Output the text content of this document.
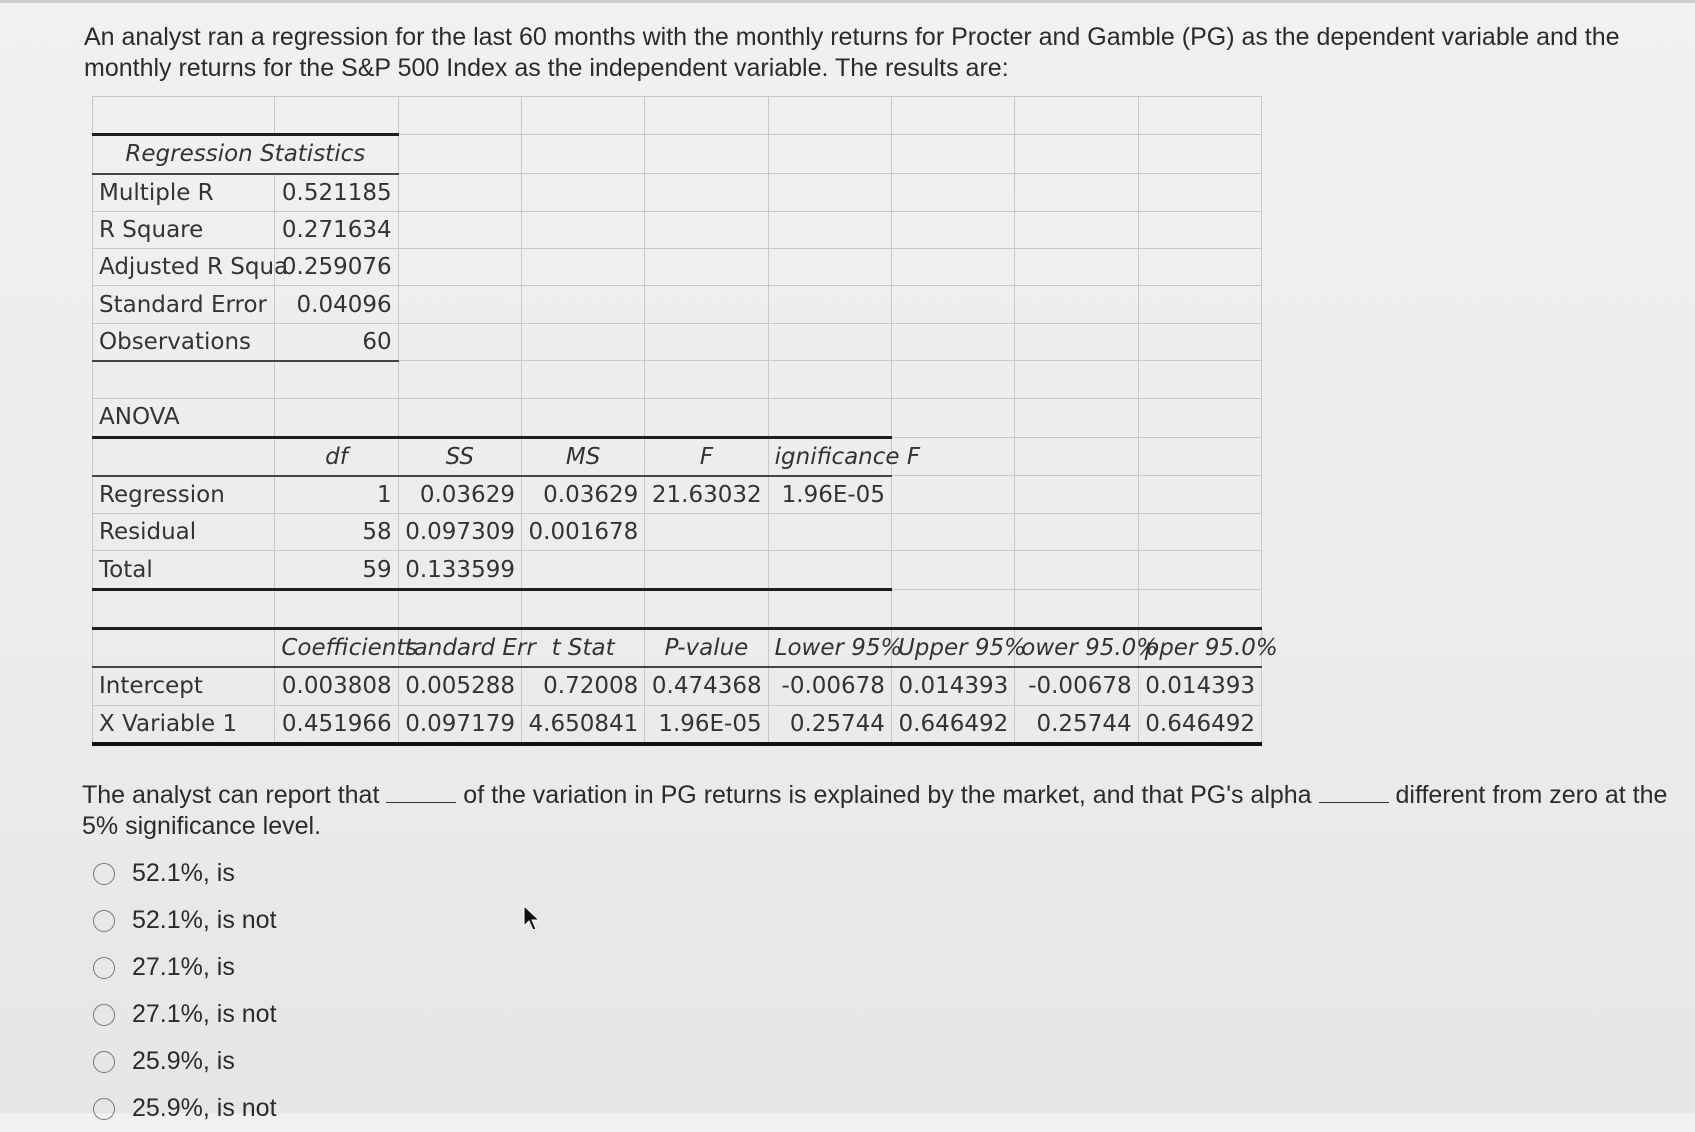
An analyst ran a regression for the last 60 months with the monthly returns for Procter and Gamble (PG) as the dependent variable and the monthly returns for the S&P 500 Index as the independent variable. The results are:

Regression Statistics								
Multiple R	0.521185							
R Square	0.271634							
Adjusted R Squa	0.259076							
Standard Error	0.04096							
Observations	60							

ANOVA								
	df	SS	MS	F	ignificance F			
Regression	1	0.03629	0.03629	21.63032	1.96E-05			
Residual	58	0.097309	0.001678					
Total	59	0.133599						

	Coefficients	tandard Err	t Stat	P-value	Lower 95%	Upper 95%	ower 95.0%	pper 95.0%
Intercept	0.003808	0.005288	0.72008	0.474368	-0.00678	0.014393	-0.00678	0.014393
X Variable 1	0.451966	0.097179	4.650841	1.96E-05	0.25744	0.646492	0.25744	0.646492
The analyst can report that	of the variation in PG returns is explained by the market, and that PG's alpha	different from zero at the 5% significance level.
52.1%, is
52.1%, is not
27.1%, is
27.1%, is not
25.9%, is
25.9%, is not
